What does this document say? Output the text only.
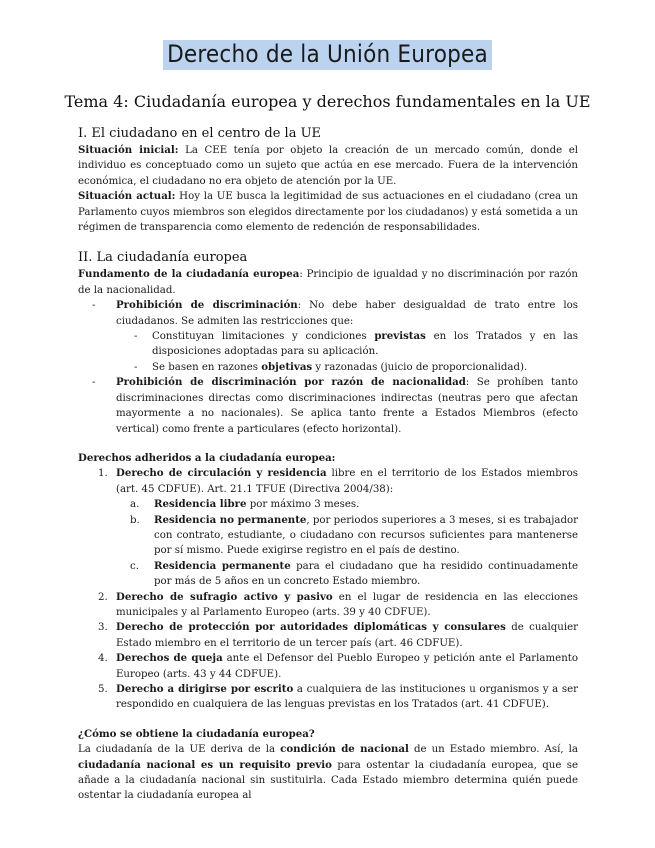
Derecho de la Unión Europea
Tema 4: Ciudadanía europea y derechos fundamentales en la UE
I. El ciudadano en el centro de la UE

Situación inicial: La CEE tenía por objeto la creación de un mercado común, donde el individuo es conceptuado como un sujeto que actúa en ese mercado. Fuera de la intervención económica, el ciudadano no era objeto de atención por la UE.

Situación actual: Hoy la UE busca la legitimidad de sus actuaciones en el ciudadano (crea un Parlamento cuyos miembros son elegidos directamente por los ciudadanos) y está sometida a un régimen de transparencia como elemento de redención de responsabilidades.

II. La ciudadanía europea

Fundamento de la ciudadanía europea: Principio de igualdad y no discriminación por razón de la nacionalidad.

- Prohibición de discriminación: No debe haber desigualdad de trato entre los ciudadanos. Se admiten las restricciones que:
- Constituyan limitaciones y condiciones previstas en los Tratados y en las disposiciones adoptadas para su aplicación.
- Se basen en razones objetivas y razonadas (juicio de proporcionalidad).
- Prohibición de discriminación por razón de nacionalidad: Se prohíben tanto discriminaciones directas como discriminaciones indirectas (neutras pero que afectan mayormente a no nacionales). Se aplica tanto frente a Estados Miembros (efecto vertical) como frente a particulares (efecto horizontal).

Derechos adheridos a la ciudadanía europea:

1. Derecho de circulación y residencia libre en el territorio de los Estados miembros (art. 45 CDFUE). Art. 21.1 TFUE (Directiva 2004/38):
a. Residencia libre por máximo 3 meses.
b. Residencia no permanente, por periodos superiores a 3 meses, si es trabajador con contrato, estudiante, o ciudadano con recursos suficientes para mantenerse por sí mismo. Puede exigirse registro en el país de destino.
c. Residencia permanente para el ciudadano que ha residido continuadamente por más de 5 años en un concreto Estado miembro.
2. Derecho de sufragio activo y pasivo en el lugar de residencia en las elecciones municipales y al Parlamento Europeo (arts. 39 y 40 CDFUE).
3. Derecho de protección por autoridades diplomáticas y consulares de cualquier Estado miembro en el territorio de un tercer país (art. 46 CDFUE).
4. Derechos de queja ante el Defensor del Pueblo Europeo y petición ante el Parlamento Europeo (arts. 43 y 44 CDFUE).
5. Derecho a dirigirse por escrito a cualquiera de las instituciones u organismos y a ser respondido en cualquiera de las lenguas previstas en los Tratados (art. 41 CDFUE).

¿Cómo se obtiene la ciudadanía europea?

La ciudadanía de la UE deriva de la condición de nacional de un Estado miembro. Así, la ciudadanía nacional es un requisito previo para ostentar la ciudadanía europea, que se añade a la ciudadanía nacional sin sustituirla. Cada Estado miembro determina quién puede ostentar la ciudadanía europea al
